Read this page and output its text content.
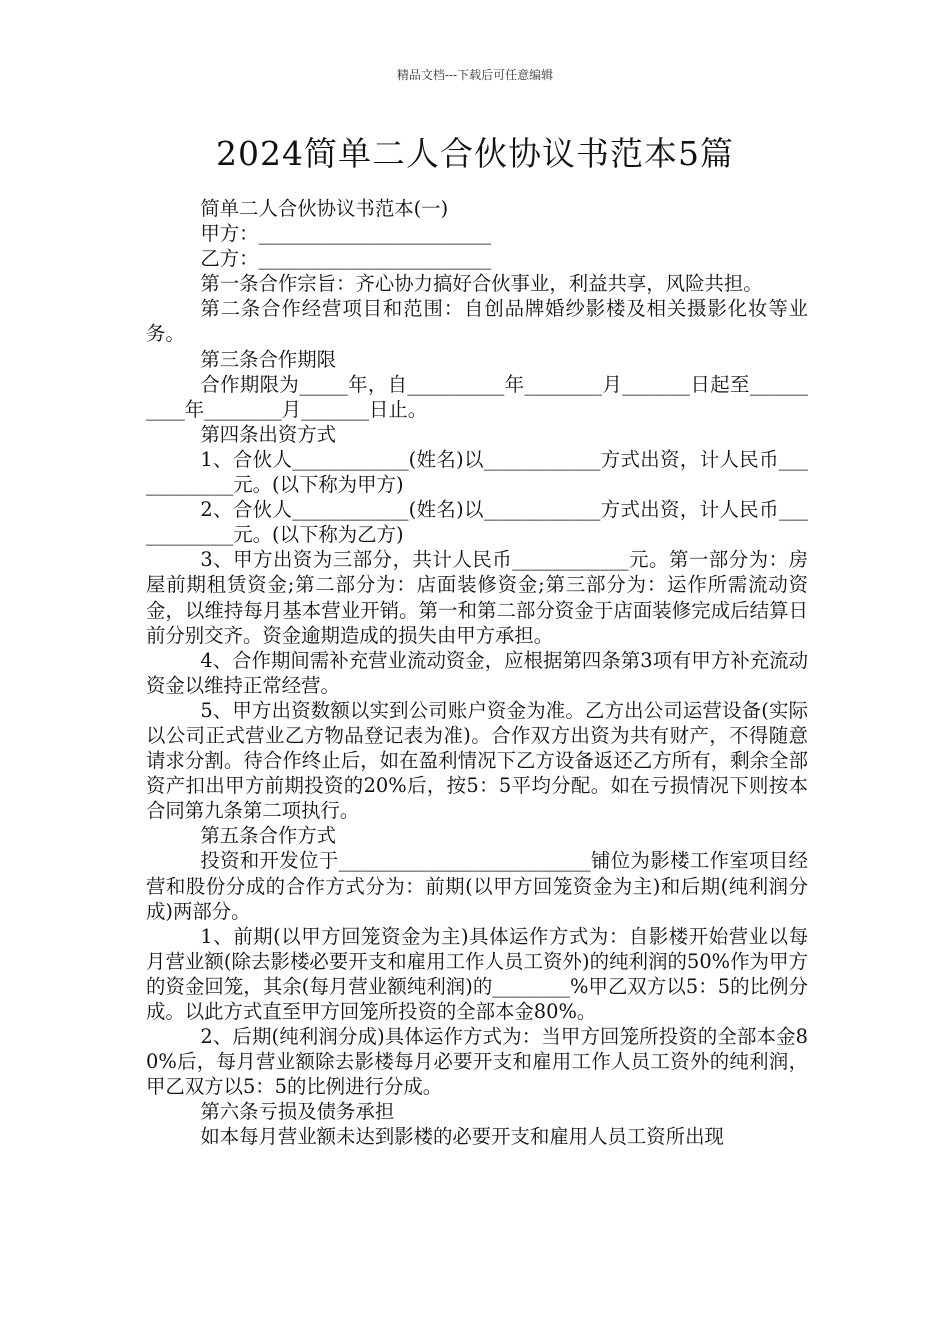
精品文档---下载后可任意编辑
2024简单二人合伙协议书范本5篇

简单二人合伙协议书范本(一)

甲方：________________________

乙方：________________________

第一条合作宗旨：齐心协力搞好合伙事业，利益共享，风险共担。

第二条合作经营项目和范围：自创品牌婚纱影楼及相关摄影化妆等业务。

第三条合作期限

合作期限为_____年，自__________年________月_______日起至__________年________月_______日止。

第四条出资方式

1、合伙人____________(姓名)以____________方式出资，计人民币____________元。(以下称为甲方)

2、合伙人____________(姓名)以____________方式出资，计人民币____________元。(以下称为乙方)

3、甲方出资为三部分，共计人民币____________元。第一部分为：房屋前期租赁资金;第二部分为：店面装修资金;第三部分为：运作所需流动资金，以维持每月基本营业开销。第一和第二部分资金于店面装修完成后结算日前分别交齐。资金逾期造成的损失由甲方承担。

4、合作期间需补充营业流动资金，应根据第四条第3项有甲方补充流动资金以维持正常经营。

5、甲方出资数额以实到公司账户资金为准。乙方出公司运营设备(实际以公司正式营业乙方物品登记表为准)。合作双方出资为共有财产，不得随意请求分割。待合作终止后，如在盈利情况下乙方设备返还乙方所有，剩余全部资产扣出甲方前期投资的20%后，按5：5平均分配。如在亏损情况下则按本合同第九条第二项执行。

第五条合作方式

投资和开发位于__________________________铺位为影楼工作室项目经营和股份分成的合作方式分为：前期(以甲方回笼资金为主)和后期(纯利润分成)两部分。

1、前期(以甲方回笼资金为主)具体运作方式为：自影楼开始营业以每月营业额(除去影楼必要开支和雇用工作人员工资外)的纯利润的50%作为甲方的资金回笼，其余(每月营业额纯利润)的________%甲乙双方以5：5的比例分成。以此方式直至甲方回笼所投资的全部本金80%。

2、后期(纯利润分成)具体运作方式为：当甲方回笼所投资的全部本金80%后，每月营业额除去影楼每月必要开支和雇用工作人员工资外的纯利润，甲乙双方以5：5的比例进行分成。

第六条亏损及债务承担

如本每月营业额未达到影楼的必要开支和雇用人员工资所出现
